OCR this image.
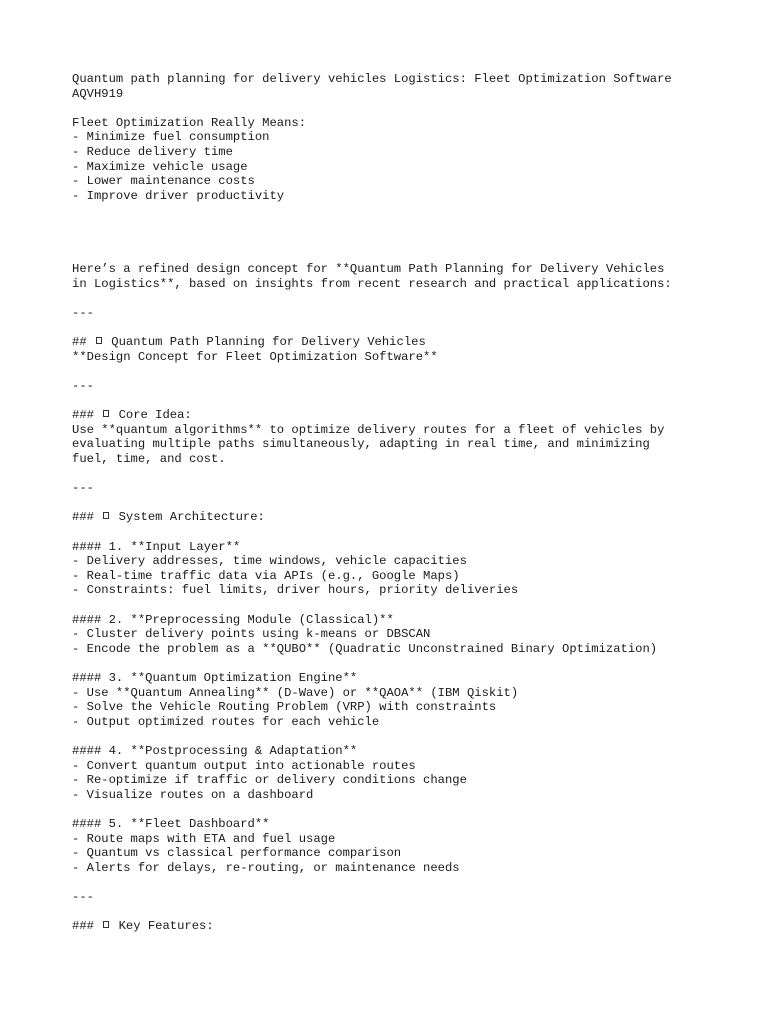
Quantum path planning for delivery vehicles Logistics: Fleet Optimization Software
AQVH919
Fleet Optimization Really Means:
- Minimize fuel consumption
- Reduce delivery time
- Maximize vehicle usage
- Lower maintenance costs
- Improve driver productivity
Here’s a refined design concept for **Quantum Path Planning for Delivery Vehicles
in Logistics**, based on insights from recent research and practical applications:
---
##  Quantum Path Planning for Delivery Vehicles
**Design Concept for Fleet Optimization Software**
---
###  Core Idea:
Use **quantum algorithms** to optimize delivery routes for a fleet of vehicles by
evaluating multiple paths simultaneously, adapting in real time, and minimizing
fuel, time, and cost.
---
###  System Architecture:
#### 1. **Input Layer**
- Delivery addresses, time windows, vehicle capacities
- Real-time traffic data via APIs (e.g., Google Maps)
- Constraints: fuel limits, driver hours, priority deliveries
#### 2. **Preprocessing Module (Classical)**
- Cluster delivery points using k-means or DBSCAN
- Encode the problem as a **QUBO** (Quadratic Unconstrained Binary Optimization)
#### 3. **Quantum Optimization Engine**
- Use **Quantum Annealing** (D-Wave) or **QAOA** (IBM Qiskit)
- Solve the Vehicle Routing Problem (VRP) with constraints
- Output optimized routes for each vehicle
#### 4. **Postprocessing & Adaptation**
- Convert quantum output into actionable routes
- Re-optimize if traffic or delivery conditions change
- Visualize routes on a dashboard
#### 5. **Fleet Dashboard**
- Route maps with ETA and fuel usage
- Quantum vs classical performance comparison
- Alerts for delays, re-routing, or maintenance needs
---
###  Key Features:
